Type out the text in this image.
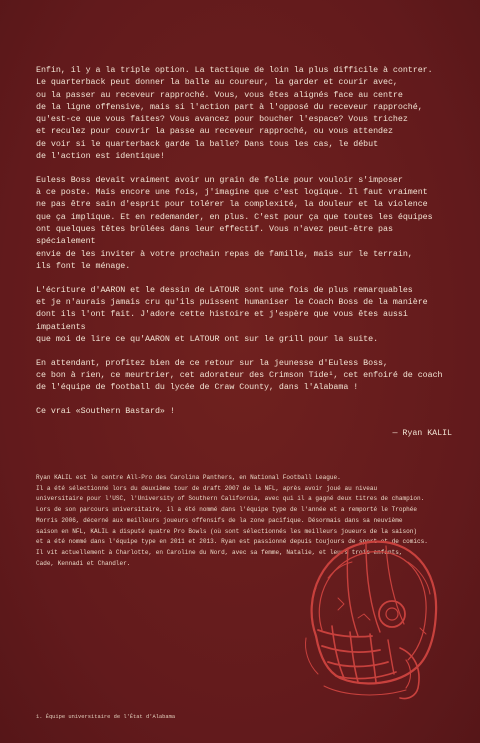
Enfin, il y a la triple option. La tactique de loin la plus difficile à contrer.
Le quarterback peut donner la balle au coureur, la garder et courir avec,
ou la passer au receveur rapproché. Vous, vous êtes alignés face au centre
de la ligne offensive, mais si l'action part à l'opposé du receveur rapproché,
qu'est-ce que vous faites? Vous avancez pour boucher l'espace? Vous trichez
et reculez pour couvrir la passe au receveur rapproché, ou vous attendez
de voir si le quarterback garde la balle? Dans tous les cas, le début
de l'action est identique!

Euless Boss devait vraiment avoir un grain de folie pour vouloir s'imposer
à ce poste. Mais encore une fois, j'imagine que c'est logique. Il faut vraiment
ne pas être sain d'esprit pour tolérer la complexité, la douleur et la violence
que ça implique. Et en redemander, en plus. C'est pour ça que toutes les équipes
ont quelques têtes brûlées dans leur effectif. Vous n'avez peut-être pas spécialement
envie de les inviter à votre prochain repas de famille, mais sur le terrain,
ils font le ménage.

L'écriture d'AARON et le dessin de LATOUR sont une fois de plus remarquables
et je n'aurais jamais cru qu'ils puissent humaniser le Coach Boss de la manière
dont ils l'ont fait. J'adore cette histoire et j'espère que vous êtes aussi impatients
que moi de lire ce qu'AARON et LATOUR ont sur le grill pour la suite.

En attendant, profitez bien de ce retour sur la jeunesse d'Euless Boss,
ce bon à rien, ce meurtrier, cet adorateur des Crimson Tide¹, cet enfoiré de coach
de l'équipe de football du lycée de Craw County, dans l'Alabama !

Ce vrai «Southern Bastard» !

— Ryan KALIL

Ryan KALIL est le centre All-Pro des Carolina Panthers, en National Football League.
Il a été sélectionné lors du deuxième tour de draft 2007 de la NFL, après avoir joué au niveau
universitaire pour l'USC, l'University of Southern California, avec qui il a gagné deux titres de champion.
Lors de son parcours universitaire, il a été nommé dans l'équipe type de l'année et a remporté le Trophée
Morris 2006, décerné aux meilleurs joueurs offensifs de la zone pacifique. Désormais dans sa neuvième
saison en NFL, KALIL a disputé quatre Pro Bowls (où sont sélectionnés les meilleurs joueurs de la saison)
et a été nommé dans l'équipe type en 2011 et 2013. Ryan est passionné depuis toujours de sport et de comics.
Il vit actuellement à Charlotte, en Caroline du Nord, avec sa femme, Natalie, et leurs trois enfants,
Cade, Kennadi et Chandler.
1. Équipe universitaire de l'État d'Alabama
